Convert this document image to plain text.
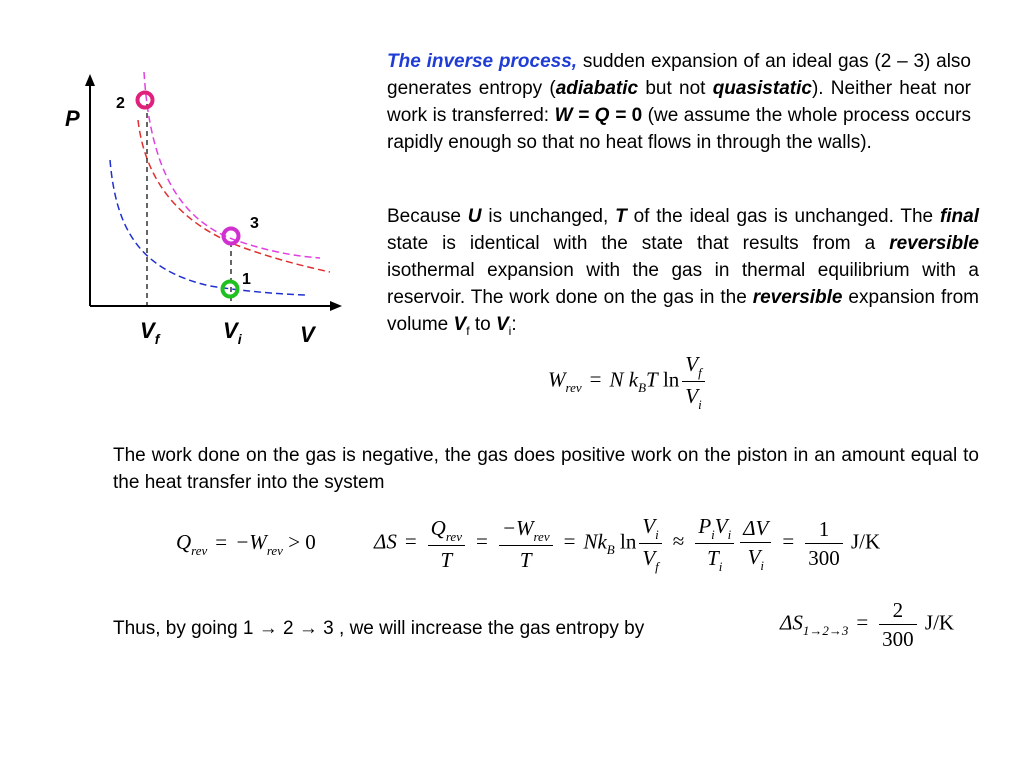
P
2
3
1
$V_f$	$V_i$	V
The inverse process, sudden expansion of an ideal gas (2 – 3) also generates entropy (adiabatic but not quasistatic). Neither heat nor work is transferred: W = Q = 0 (we assume the whole process occurs rapidly enough so that no heat flows in through the walls).
Because U is unchanged, T of the ideal gas is unchanged. The final state is identical with the state that results from a reversible isothermal expansion with the gas in thermal equilibrium with a reservoir. The work done on the gas in the reversible expansion from volume $V_f$ to $V_i$:
$W_{rev} = N$ $k_BT$ $\ln \frac{V_f}{V_i}$
The work done on the gas is negative, the gas does positive work on the piston in an amount equal to the heat transfer into the system
$Q_{rev} = -W_{rev} > 0$	$\Delta S = \frac{Q_{rev}}{T} = \frac{-W_{rev}}{T} = Nk_B$ $\ln \frac{V_i}{V_f} \approx \frac{P_iV_i}{T_i} \frac{\Delta V}{V_i} = \frac{1}{300} J/K$
Thus, by going 1 → 2 → 3 , we will increase the gas entropy by	$\Delta S_{1\to 2\to 3} = \frac{2}{300} J/K$
